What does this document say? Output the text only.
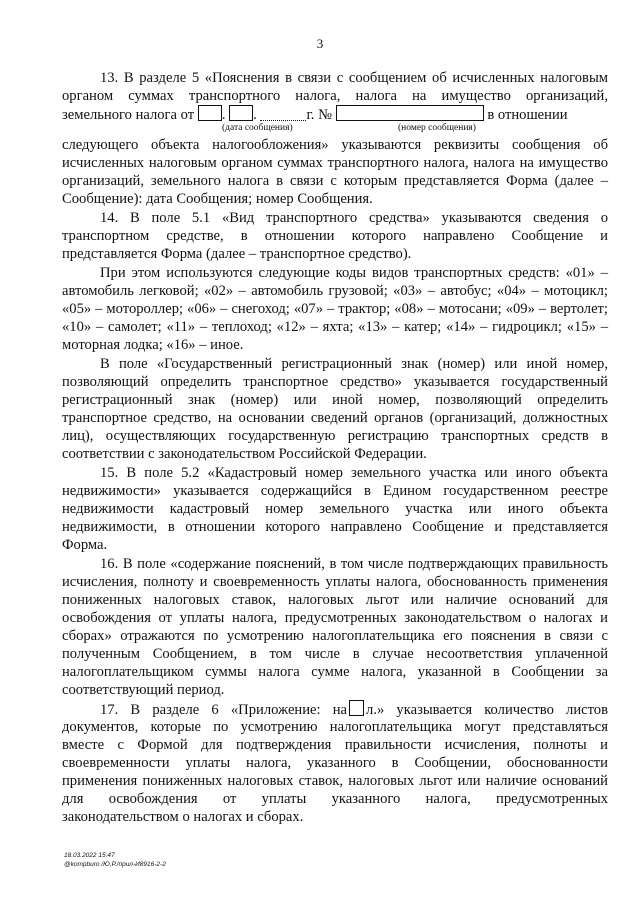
3
13. В разделе 5 «Пояснения в связи с сообщением об исчисленных налоговым
органом суммах транспортного налога, налога на имущество организаций,
земельного налога от . .	г. №	в отношении
(дата сообщения)	(номер сообщения)
следующего объекта налогообложения» указываются реквизиты сообщения об
исчисленных налоговым органом суммах транспортного налога, налога на имущество
организаций, земельного налога в связи с которым представляется Форма (далее –
Сообщение): дата Сообщения; номер Сообщения.
14. В поле 5.1 «Вид транспортного средства» указываются сведения о
транспортном средстве, в отношении которого направлено Сообщение и
представляется Форма (далее – транспортное средство).
При этом используются следующие коды видов транспортных средств: «01» –
автомобиль легковой; «02» – автомобиль грузовой; «03» – автобус; «04» – мотоцикл;
«05» – мотороллер; «06» – снегоход; «07» – трактор; «08» – мотосани; «09» – вертолет;
«10» – самолет; «11» – теплоход; «12» – яхта; «13» – катер; «14» – гидроцикл; «15» –
моторная лодка; «16» – иное.
В поле «Государственный регистрационный знак (номер) или иной номер,
позволяющий определить транспортное средство» указывается государственный
регистрационный знак (номер) или иной номер, позволяющий определить
транспортное средство, на основании сведений органов (организаций, должностных
лиц), осуществляющих государственную регистрацию транспортных средств в
соответствии с законодательством Российской Федерации.
15. В поле 5.2 «Кадастровый номер земельного участка или иного объекта
недвижимости» указывается содержащийся в Едином государственном реестре
недвижимости кадастровый номер земельного участка или иного объекта
недвижимости, в отношении которого направлено Сообщение и представляется
Форма.
16. В поле «содержание пояснений, в том числе подтверждающих правильность
исчисления, полноту и своевременность уплаты налога, обоснованность применения
пониженных налоговых ставок, налоговых льгот или наличие оснований для
освобождения от уплаты налога, предусмотренных законодательством о налогах и
сборах» отражаются по усмотрению налогоплательщика его пояснения в связи с
полученным Сообщением, в том числе в случае несоответствия уплаченной
налогоплательщиком суммы налога сумме налога, указанной в Сообщении за
соответствующий период.
17. В разделе 6 «Приложение: на л.» указывается количество листов
документов, которые по усмотрению налогоплательщика могут представляться
вместе с Формой для подтверждения правильности исчисления, полноты и
своевременности уплаты налога, указанного в Сообщении, обоснованности
применения пониженных налоговых ставок, налоговых льгот или наличие оснований
для освобождения от уплаты указанного налога, предусмотренных
законодательством о налогах и сборах.
18.03.2022 15:47
@kompburo /Ю.Р./прил-И8916-2-2
